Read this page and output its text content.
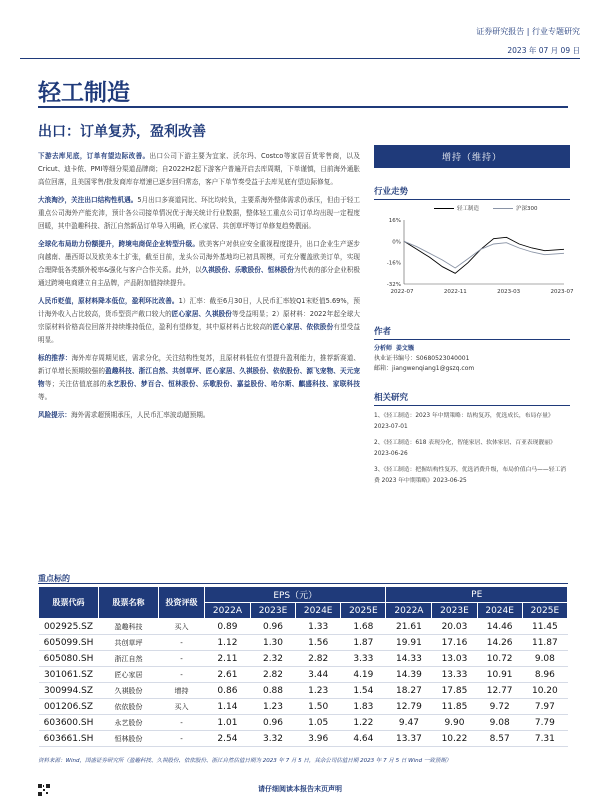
证券研究报告 | 行业专题研究
2023 年 07 月 09 日
轻工制造
出口：订单复苏，盈利改善

下游去库见底，订单有望边际改善。出口公司下游主要为宜家、沃尔玛、Costco等家居百货零售商，以及Cricut、迪卡侬、PMI等细分渠道品牌商；自2022H2起下游客户普遍开启去库周期，下单谨慎，目前海外通胀高位回落，且美国零售/批发商库存增速已逐步回归常态，客户下单节奏受益于去库见底有望边际修复。

大浪淘沙，关注出口结构性机遇。5月出口多赛道同比、环比均转负，主要系海外整体需求仍承压，但由于轻工重点公司海外产能充沛，预计各公司接单情况优于海关统计行业数据，整体轻工重点公司订单均出现一定程度回暖，其中盈趣科技、浙江自然新品订单导入明确，匠心家居、共创草坪等订单修复趋势靓丽。

全球化布局助力份额提升，跨境电商促企业转型升级。欧美客户对供应安全重视程度提升，出口企业生产逐步向越南、墨西哥以及欧美本土扩张，截至目前，龙头公司海外基地均已初具规模，可充分覆盖欧美订单，实现合理降低各类额外税率&强化与客户合作关系。此外，以久祺股份、乐歌股份、恒林股份为代表的部分企业积极通过跨境电商建立自主品牌，产品附加值持续提升。

人民币贬值，原材料降本低位，盈利环比改善。1）汇率：截至6月30日，人民币汇率较Q1末贬值5.69%，预计海外收入占比较高，货币型资产敞口较大的匠心家居、久祺股份等受益明显；2）原材料：2022年起全球大宗原材料价格高位回落并持续维持低位，盈利有望修复，其中原材料占比较高的匠心家居、依依股份有望受益明显。

标的推荐：海外库存周期见底，需求分化，关注结构性复苏，且原材料低位有望提升盈利能力，推荐新赛道、新订单增长预期较强的盈趣科技、浙江自然、共创草坪、匠心家居、久祺股份、依依股份、源飞宠物、天元宠物等；关注估值底部的永艺股份、梦百合、恒林股份、乐歌股份、嘉益股份、哈尔斯、麒盛科技、家联科技等。

风险提示：海外需求超预期承压，人民币汇率波动超预期。

增持（维持）
行业走势
轻工制造	沪深300
16%
0%
-16%
-32%
2022-07	2022-11	2023-03	2023-07
作者
分析师 姜文镪
执业证书编号：S0680523040001
邮箱：jiangwenqiang1@gszq.com
相关研究
1、《轻工制造：2023 年中期策略：结构复苏，优选成长，布局存量》2023-07-01
2、《轻工制造：618 表现分化，智能家居、软体家居、百亚表现靓丽》2023-06-26
3、《轻工制造：把握结构性复苏，优选消费升级，布局价值白马——轻工消费 2023 年中期策略》2023-06-25
重点标的
股票代码	股票名称	投资评级	EPS（元）				PE			
			2022A	2023E	2024E	2025E	2022A	2023E	2024E	2025E
002925.SZ	盈趣科技	买入	0.89	0.96	1.33	1.68	21.61	20.03	14.46	11.45
605099.SH	共创草坪	-	1.12	1.30	1.56	1.87	19.91	17.16	14.26	11.87
605080.SH	浙江自然	-	2.11	2.32	2.82	3.33	14.33	13.03	10.72	9.08
301061.SZ	匠心家居	-	2.61	2.82	3.44	4.19	14.39	13.33	10.91	8.96
300994.SZ	久祺股份	增持	0.86	0.88	1.23	1.54	18.27	17.85	12.77	10.20
001206.SZ	依依股份	买入	1.14	1.23	1.50	1.83	12.79	11.85	9.72	7.97
603600.SH	永艺股份	-	1.01	0.96	1.05	1.22	9.47	9.90	9.08	7.79
603661.SH	恒林股份	-	2.54	3.32	3.96	4.64	13.37	10.22	8.57	7.31
资料来源：Wind，国盛证券研究所（盈趣科技、久祺股份、依依股份、浙江自然估值日期为 2023 年 7 月 5 日，其余公司估值日期 2023 年 7 月 5 日 Wind 一致预期）
请仔细阅读本报告末页声明
